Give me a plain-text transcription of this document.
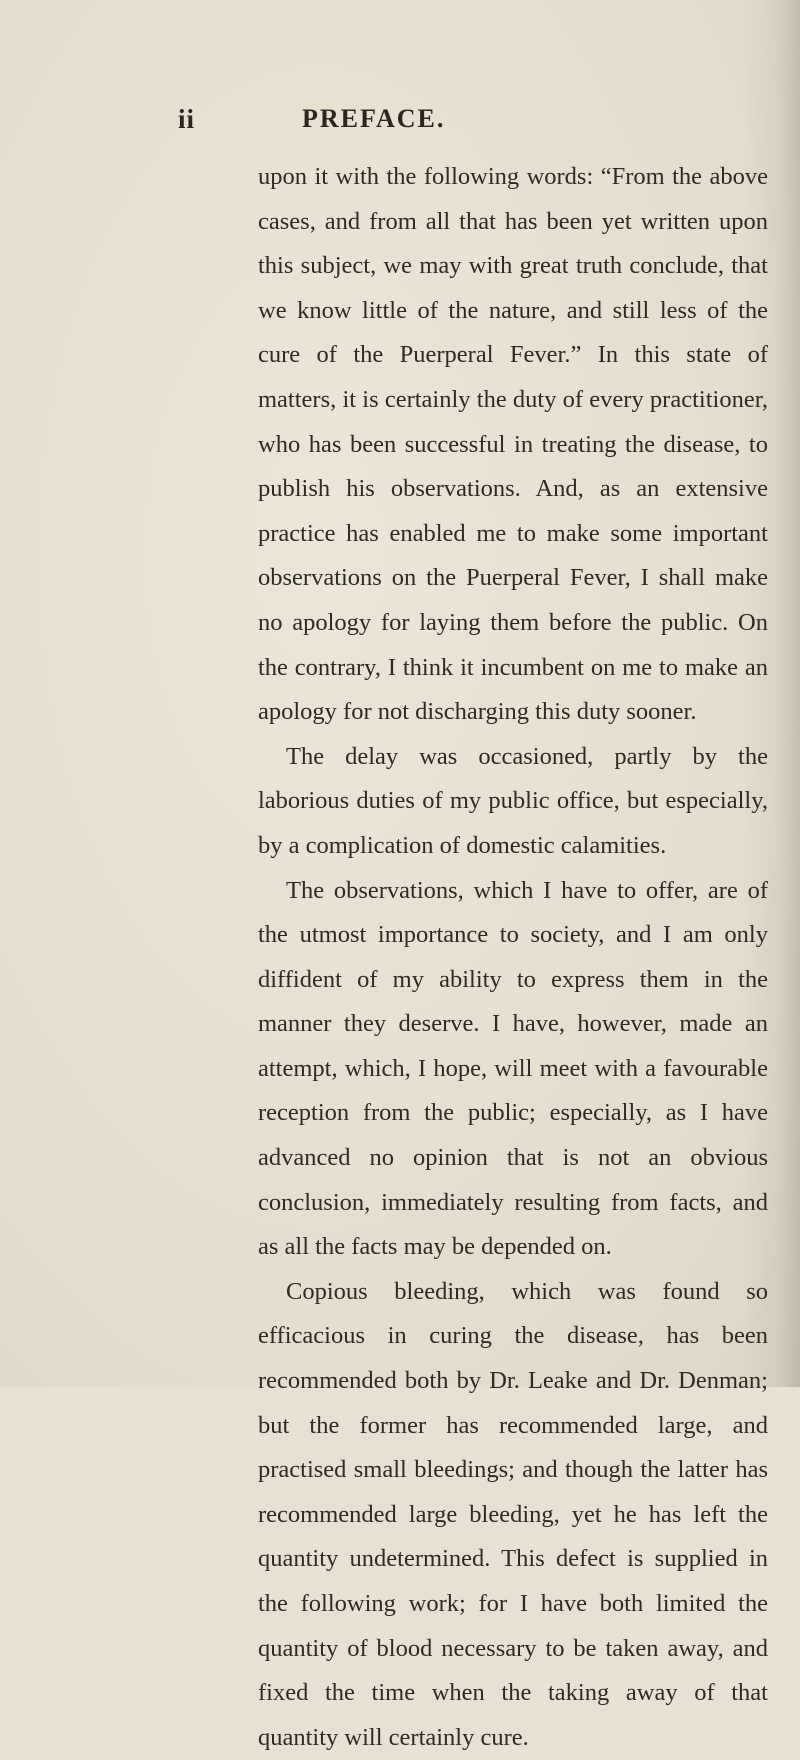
ii	PREFACE.

upon it with the following words: “From the above cases, and from all that has been yet written upon this subject, we may with great truth conclude, that we know little of the nature, and still less of the cure of the Puerperal Fever.” In this state of matters, it is certainly the duty of every practitioner, who has been successful in treating the disease, to publish his observations. And, as an extensive practice has enabled me to make some important observations on the Puerperal Fever, I shall make no apology for laying them before the public. On the contrary, I think it incumbent on me to make an apology for not discharging this duty sooner.

The delay was occasioned, partly by the laborious duties of my public office, but especially, by a complication of domestic calamities.

The observations, which I have to offer, are of the utmost importance to society, and I am only diffident of my ability to express them in the manner they deserve. I have, however, made an attempt, which, I hope, will meet with a favourable reception from the public; especially, as I have advanced no opinion that is not an obvious conclusion, immediately resulting from facts, and as all the facts may be depended on.

Copious bleeding, which was found so efficacious in curing the disease, has been recommended both by Dr. Leake and Dr. Denman; but the former has recommended large, and practised small bleedings; and though the latter has recommended large bleeding, yet he has left the quantity undetermined. This defect is supplied in the following work; for I have both limited the quantity of blood necessary to be taken away, and fixed the time when the taking away of that quantity will certainly cure.
